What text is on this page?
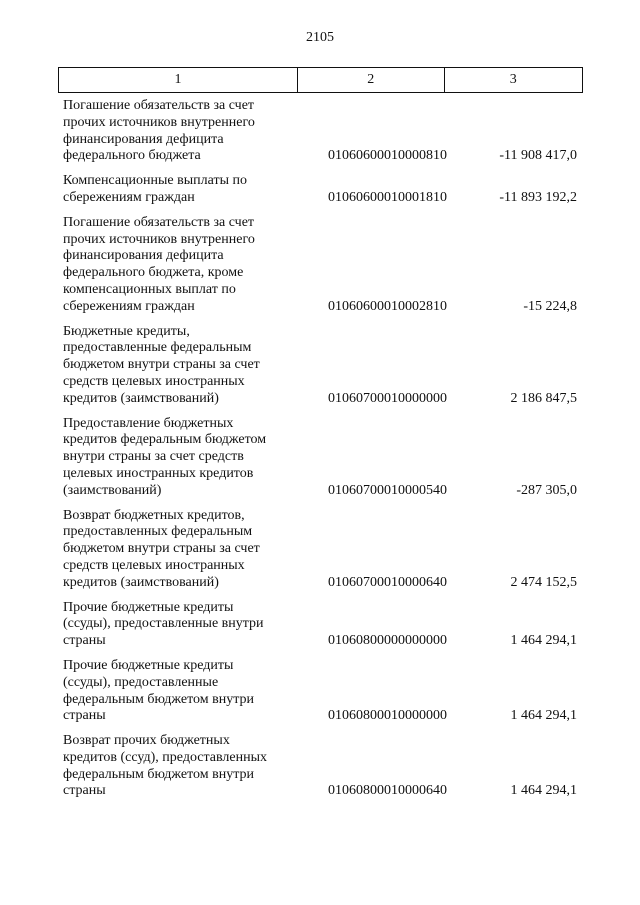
2105
1	2	3
Погашение обязательств за счет
прочих источников внутреннего
финансирования дефицита
федерального бюджета	01060600010000810	-11 908 417,0
Компенсационные выплаты по
сбережениям граждан	01060600010001810	-11 893 192,2
Погашение обязательств за счет
прочих источников внутреннего
финансирования дефицита
федерального бюджета, кроме
компенсационных выплат по
сбережениям граждан	01060600010002810	-15 224,8
Бюджетные кредиты,
предоставленные федеральным
бюджетом внутри страны за счет
средств целевых иностранных
кредитов (заимствований)	01060700010000000	2 186 847,5
Предоставление бюджетных
кредитов федеральным бюджетом
внутри страны за счет средств
целевых иностранных кредитов
(заимствований)	01060700010000540	-287 305,0
Возврат бюджетных кредитов,
предоставленных федеральным
бюджетом внутри страны за счет
средств целевых иностранных
кредитов (заимствований)	01060700010000640	2 474 152,5
Прочие бюджетные кредиты
(ссуды), предоставленные внутри
страны	01060800000000000	1 464 294,1
Прочие бюджетные кредиты
(ссуды), предоставленные
федеральным бюджетом внутри
страны	01060800010000000	1 464 294,1
Возврат прочих бюджетных
кредитов (ссуд), предоставленных
федеральным бюджетом внутри
страны	01060800010000640	1 464 294,1
